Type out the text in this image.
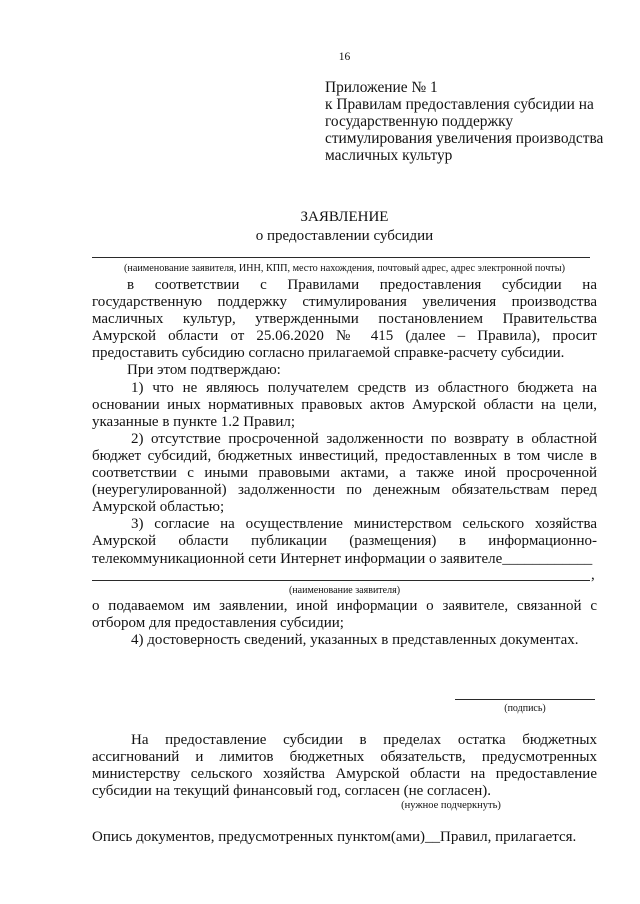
16
Приложение № 1
к Правилам предоставления субсидии на
государственную поддержку
стимулирования увеличения производства
масличных культур
ЗАЯВЛЕНИЕ
о предоставлении субсидии
(наименование заявителя, ИНН, КПП, место нахождения, почтовый адрес, адрес электронной почты)
в соответствии с Правилами предоставления субсидии на
государственную поддержку стимулирования увеличения производства
масличных культур, утвержденными постановлением Правительства
Амурской области от 25.06.2020 № 415 (далее – Правила), просит
предоставить субсидию согласно прилагаемой справке-расчету субсидии.
При этом подтверждаю:
1) что не являюсь получателем средств из областного бюджета на
основании иных нормативных правовых актов Амурской области на цели,
указанные в пункте 1.2 Правил;
2) отсутствие просроченной задолженности по возврату в областной
бюджет субсидий, бюджетных инвестиций, предоставленных в том числе в
соответствии с иными правовыми актами, а также иной просроченной
(неурегулированной) задолженности по денежным обязательствам перед
Амурской областью;
3) согласие на осуществление министерством сельского хозяйства
Амурской области публикации (размещения) в информационно-
телекоммуникационной сети Интернет информации о заявителе ____________
,
(наименование заявителя)
о подаваемом им заявлении, иной информации о заявителе, связанной с
отбором для предоставления субсидии;
4) достоверность сведений, указанных в представленных документах.
(подпись)
На предоставление субсидии в пределах остатка бюджетных
ассигнований и лимитов бюджетных обязательств, предусмотренных
министерству сельского хозяйства Амурской области на предоставление
субсидии на текущий финансовый год, согласен (не согласен).
(нужное подчеркнуть)
Опись документов, предусмотренных пунктом(ами)__Правил, прилагается.
